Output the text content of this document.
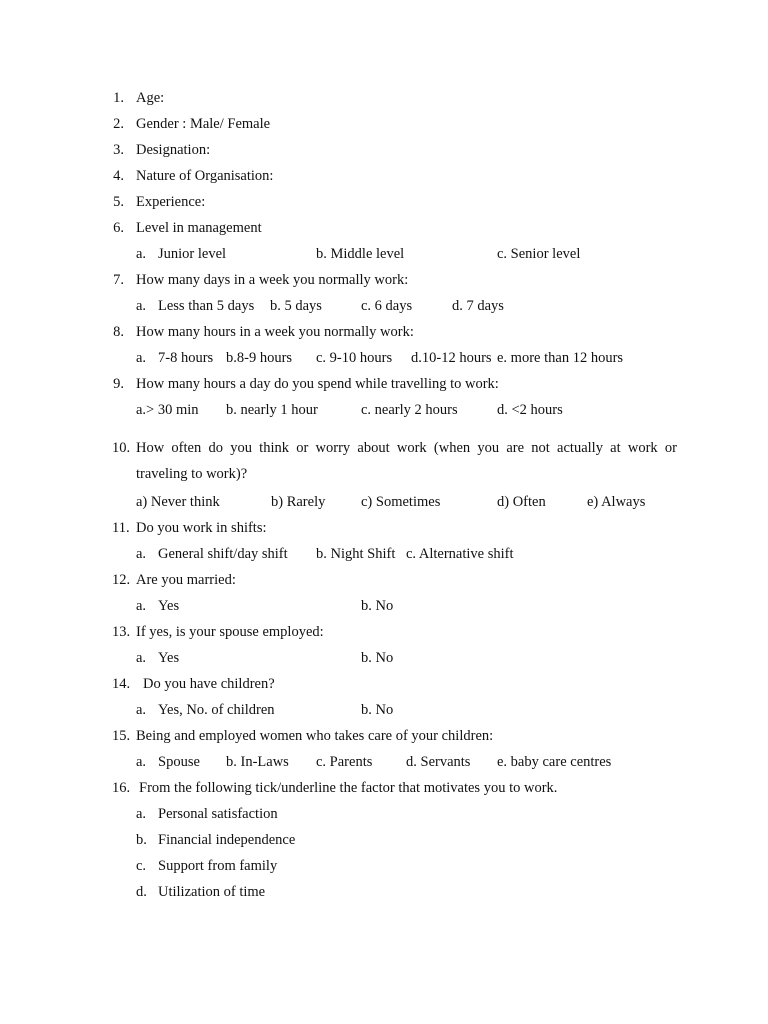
1. Age:
2. Gender : Male/ Female
3. Designation:
4. Nature of Organisation:
5. Experience:
6. Level in management
a. Junior level	b. Middle level	c. Senior level
7. How many days in a week you normally work:
a. Less than 5 days b. 5 days	c. 6 days	d. 7 days
8. How many hours in a week you normally work:
a. 7-8 hours b.8-9 hours c. 9-10 hours d.10-12 hours e. more than 12 hours
9. How many hours a day do you spend while travelling to work:
a.> 30 min b. nearly 1 hour	c. nearly 2 hours	d. <2 hours
10. How often do you think or worry about work (when you are not actually at work or
traveling to work)?
a) Never think	b) Rarely c) Sometimes	d) Often	e) Always
11. Do you work in shifts:
a. General shift/day shift b. Night Shift c. Alternative shift
12. Are you married:
a. Yes	b. No
13. If yes, is your spouse employed:
a. Yes	b. No
14. Do you have children?
a. Yes, No. of children	b. No
15. Being and employed women who takes care of your children:
a. Spouse b. In-Laws c. Parents d. Servants e. baby care centres
16. From the following tick/underline the factor that motivates you to work.
a. Personal satisfaction
b. Financial independence
c. Support from family
d. Utilization of time
